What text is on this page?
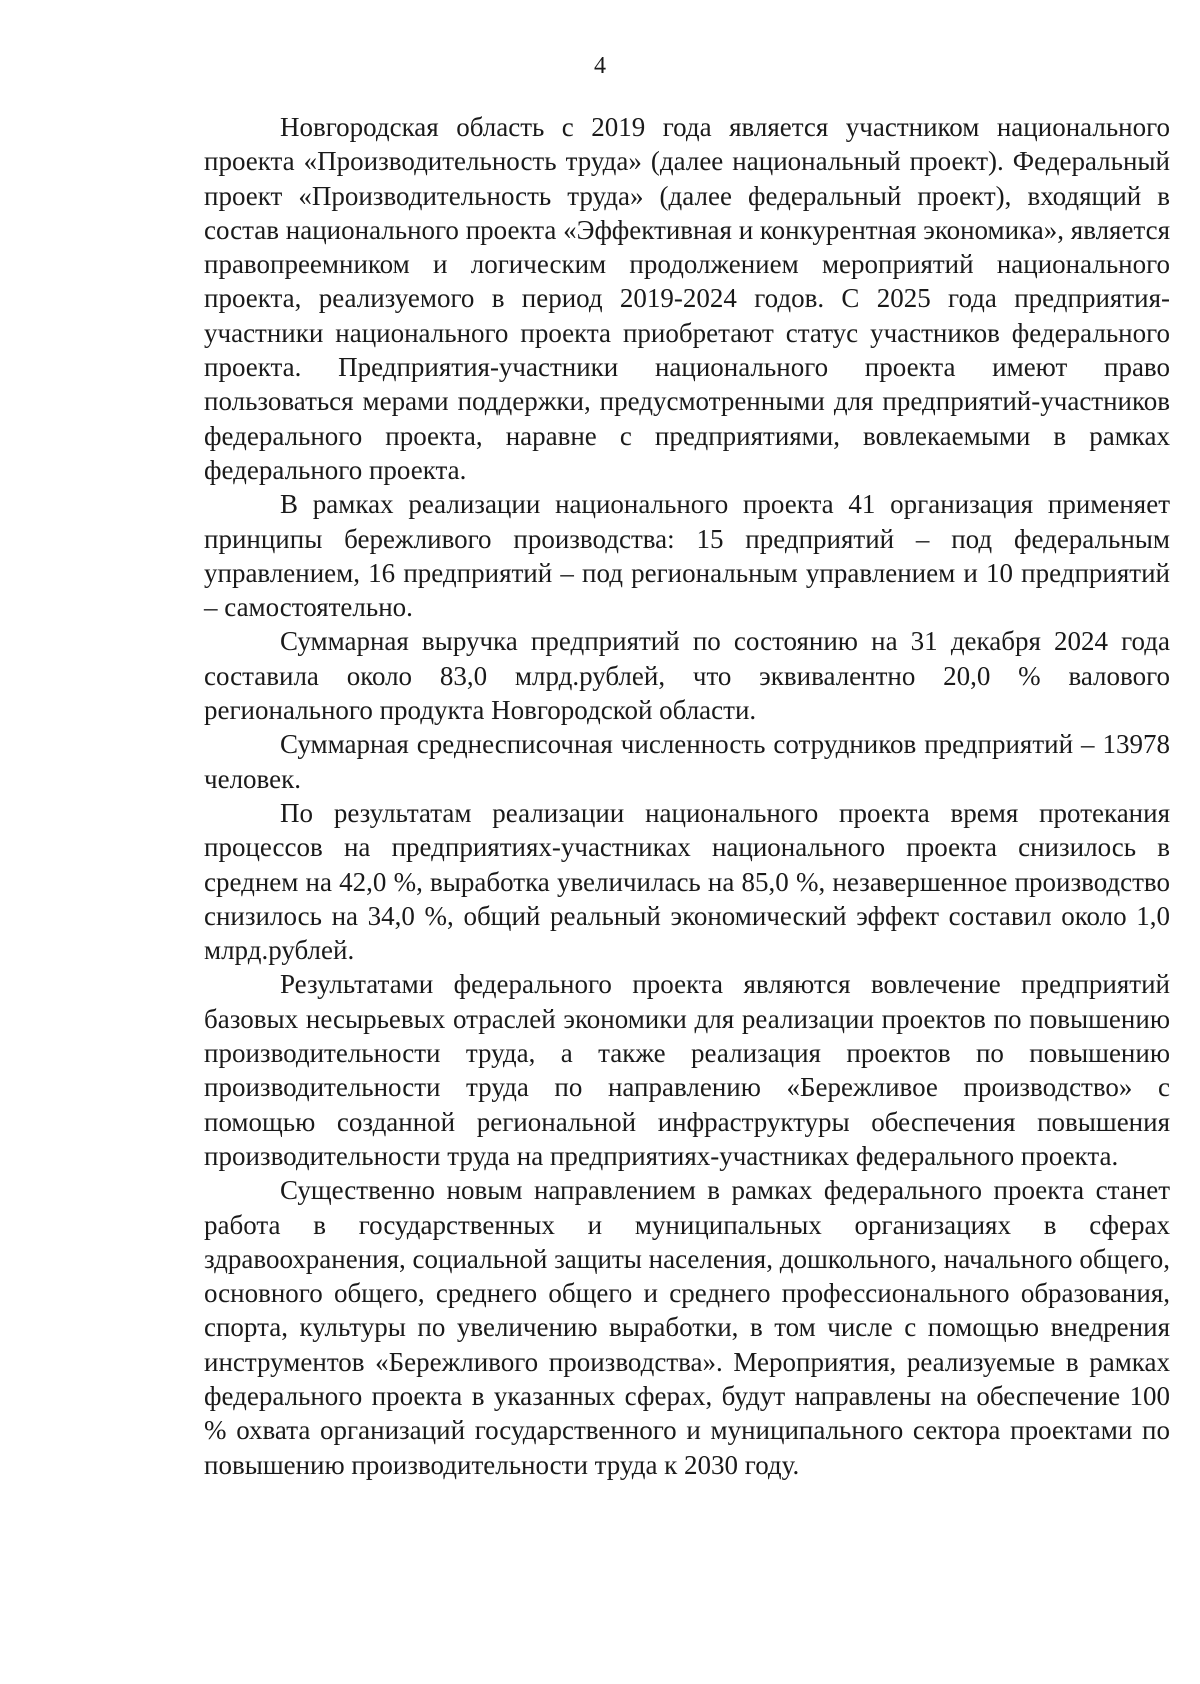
4

Новгородская область с 2019 года является участником национального проекта «Производительность труда» (далее национальный проект). Федеральный проект «Производительность труда» (далее федеральный проект), входящий в состав национального проекта «Эффективная и конкурентная экономика», является правопреемником и логическим продолжением мероприятий национального проекта, реализуемого в период 2019-2024 годов. С 2025 года предприятия-участники национального проекта приобретают статус участников федерального проекта. Предприятия-участники национального проекта имеют право пользоваться мерами поддержки, предусмотренными для предприятий-участников федерального проекта, наравне с предприятиями, вовлекаемыми в рамках федерального проекта.

В рамках реализации национального проекта 41 организация применяет принципы бережливого производства: 15 предприятий – под федеральным управлением, 16 предприятий – под региональным управлением и 10 предприятий – самостоятельно.

Суммарная выручка предприятий по состоянию на 31 декабря 2024 года составила около 83,0 млрд.рублей, что эквивалентно 20,0 % валового регионального продукта Новгородской области.

Суммарная среднесписочная численность сотрудников предприятий – 13978 человек.

По результатам реализации национального проекта время протекания процессов на предприятиях-участниках национального проекта снизилось в среднем на 42,0 %, выработка увеличилась на 85,0 %, незавершенное производство снизилось на 34,0 %, общий реальный экономический эффект составил около 1,0 млрд.рублей.

Результатами федерального проекта являются вовлечение предприятий базовых несырьевых отраслей экономики для реализации проектов по повышению производительности труда, а также реализация проектов по повышению производительности труда по направлению «Бережливое производство» с помощью созданной региональной инфраструктуры обеспечения повышения производительности труда на предприятиях-участниках федерального проекта.

Существенно новым направлением в рамках федерального проекта станет работа в государственных и муниципальных организациях в сферах здравоохранения, социальной защиты населения, дошкольного, начального общего, основного общего, среднего общего и среднего профессионального образования, спорта, культуры по увеличению выработки, в том числе с помощью внедрения инструментов «Бережливого производства». Мероприятия, реализуемые в рамках федерального проекта в указанных сферах, будут направлены на обеспечение 100 % охвата организаций государственного и муниципального сектора проектами по повышению производительности труда к 2030 году.
